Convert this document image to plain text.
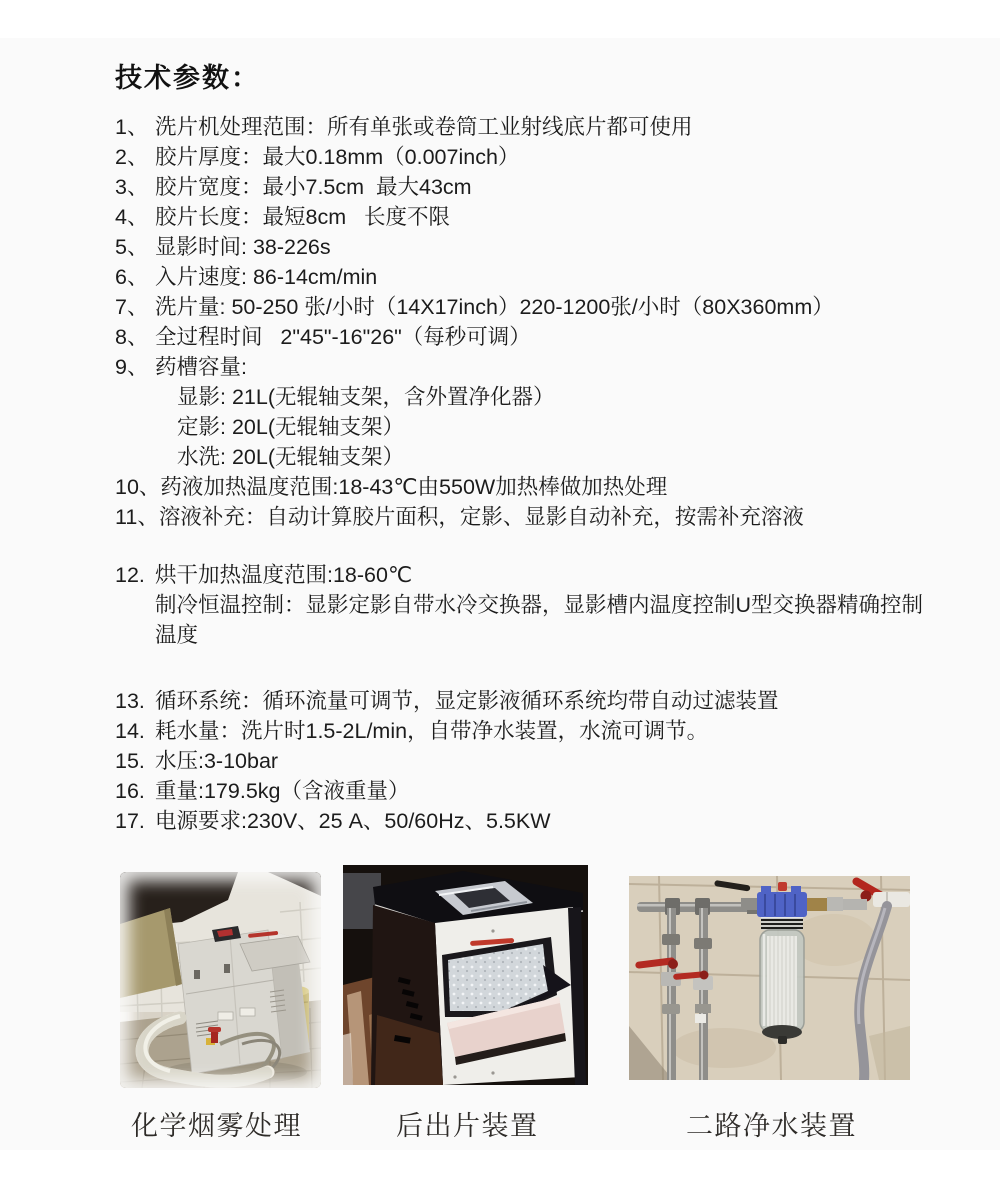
技术参数：
1、 洗片机处理范围：所有单张或卷筒工业射线底片都可使用
2、 胶片厚度：最大0.18mm（0.007inch）
3、 胶片宽度：最小7.5cm  最大43cm
4、 胶片长度：最短8cm   长度不限
5、 显影时间: 38-226s
6、 入片速度: 86-14cm/min
7、 洗片量: 50-250 张/小时（14X17inch）220-1200张/小时（80X360mm）
8、 全过程时间   2"45"-16"26"（每秒可调）
9、 药槽容量:
显影: 21L(无辊轴支架，含外置净化器）
定影: 20L(无辊轴支架）
水洗: 20L(无辊轴支架）
10、 药液加热温度范围:18-43℃由550W加热棒做加热处理
11、 溶液补充：自动计算胶片面积，定影、显影自动补充，按需补充溶液
12. 烘干加热温度范围:18-60℃
制冷恒温控制：显影定影自带水冷交换器，显影槽内温度控制U型交换器精确控制温度
13. 循环系统：循环流量可调节，显定影液循环系统均带自动过滤装置
14. 耗水量：洗片时1.5-2L/min，自带净水装置，水流可调节。
15. 水压:3-10bar
16. 重量:179.5kg（含液重量）
17. 电源要求:230V、25 A、50/60Hz、5.5KW
化学烟雾处理	后出片装置	二路净水装置
